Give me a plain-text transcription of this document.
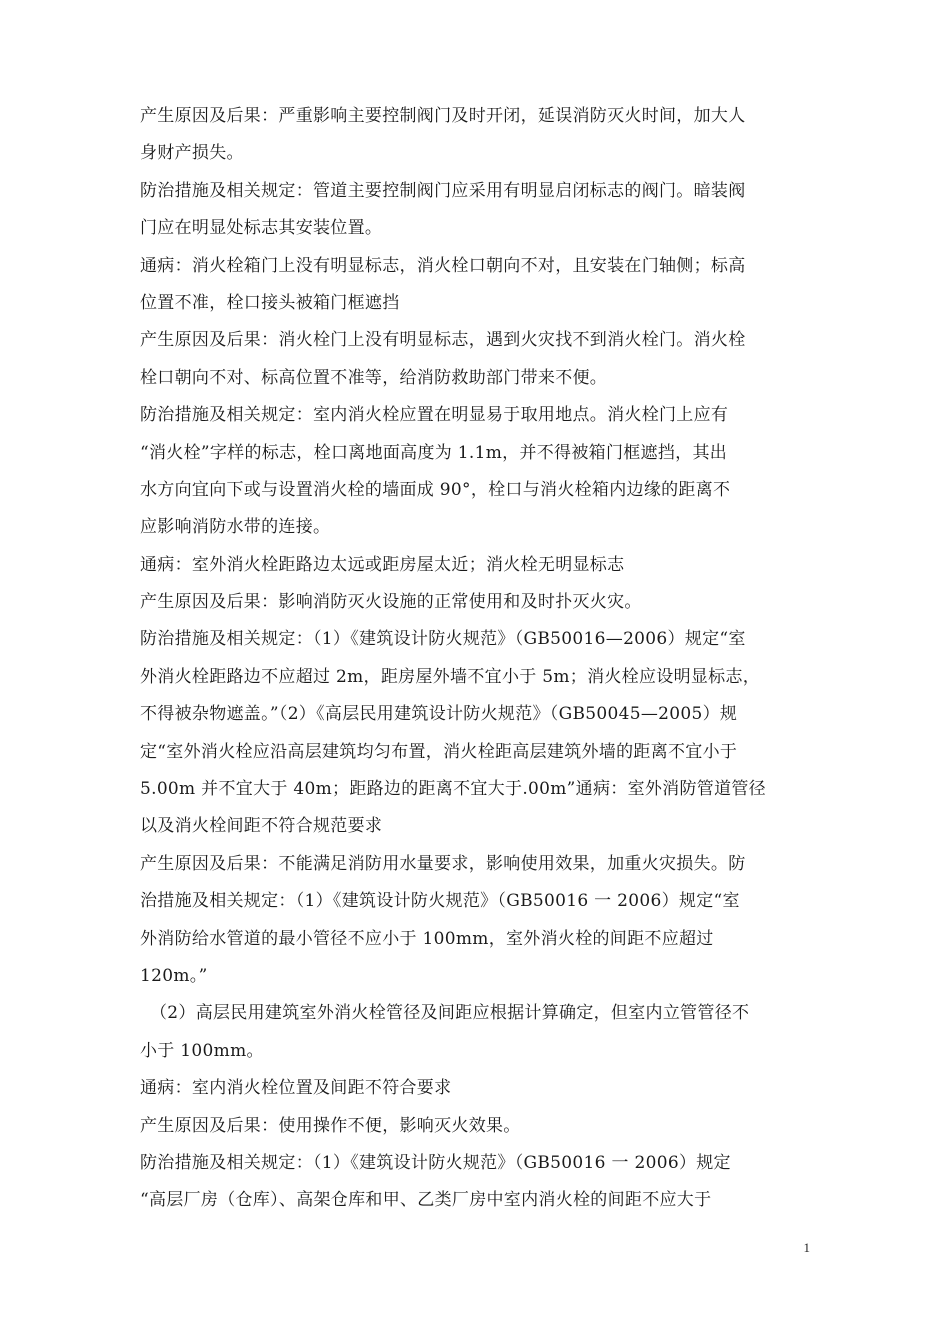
产生原因及后果：严重影响主要控制阀门及时开闭，延误消防灭火时间，加大人
身财产损失。
防治措施及相关规定：管道主要控制阀门应采用有明显启闭标志的阀门。暗装阀
门应在明显处标志其安装位置。
通病：消火栓箱门上没有明显标志，消火栓口朝向不对，且安装在门轴侧；标高
位置不准，栓口接头被箱门框遮挡
产生原因及后果：消火栓门上没有明显标志，遇到火灾找不到消火栓门。消火栓
栓口朝向不对、标高位置不准等，给消防救助部门带来不便。
防治措施及相关规定：室内消火栓应置在明显易于取用地点。消火栓门上应有
“消火栓”字样的标志，栓口离地面高度为 1.1m，并不得被箱门框遮挡，其出
水方向宜向下或与设置消火栓的墙面成 90°，栓口与消火栓箱内边缘的距离不
应影响消防水带的连接。
通病：室外消火栓距路边太远或距房屋太近；消火栓无明显标志
产生原因及后果：影响消防灭火设施的正常使用和及时扑灭火灾。
防治措施及相关规定：（1）《建筑设计防火规范》（GB50016—2006）规定“室
外消火栓距路边不应超过 2m，距房屋外墙不宜小于 5m；消火栓应设明显标志，
不得被杂物遮盖。”（2）《高层民用建筑设计防火规范》（GB50045—2005）规
定“室外消火栓应沿高层建筑均匀布置，消火栓距高层建筑外墙的距离不宜小于
5.00m 并不宜大于 40m；距路边的距离不宜大于.00m”通病：室外消防管道管径
以及消火栓间距不符合规范要求
产生原因及后果：不能满足消防用水量要求，影响使用效果，加重火灾损失。防
治措施及相关规定：（1）《建筑设计防火规范》（GB50016 一 2006）规定“室
外消防给水管道的最小管径不应小于 100mm，室外消火栓的间距不应超过
120m。”
（2）高层民用建筑室外消火栓管径及间距应根据计算确定，但室内立管管径不
小于 100mm。
通病：室内消火栓位置及间距不符合要求
产生原因及后果：使用操作不便，影响灭火效果。
防治措施及相关规定：（1）《建筑设计防火规范》（GB50016 一 2006）规定
“高层厂房（仓库）、高架仓库和甲、乙类厂房中室内消火栓的间距不应大于
1
